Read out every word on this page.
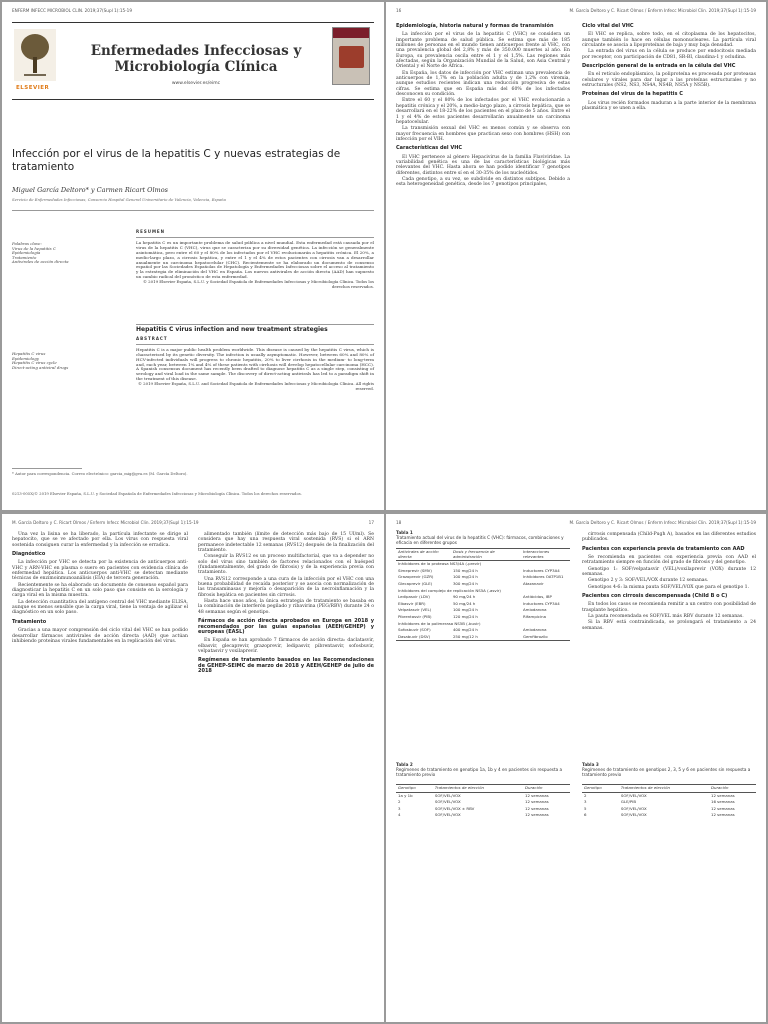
ENFERM INFECC MICROBIOL CLIN. 2019;37(Supl 1):15-19
ELSEVIER
Enfermedades Infecciosas y Microbiología Clínica
www.elsevier.es/eimc
Infección por el virus de la hepatitis C y nuevas estrategias de tratamiento
Miguel García Deltoro* y Carmen Ricart Olmos
Servicio de Enfermedades Infecciosas, Consorcio Hospital General Universitario de Valencia, Valencia, España
Palabras clave:
Virus de la hepatitis C
Epidemiología
Tratamiento
Antivirales de acción directa
RESUMEN
La hepatitis C es un importante problema de salud pública a nivel mundial. Esta enfermedad está causada por el virus de la hepatitis C (VHC), virus que se caracteriza por su diversidad genética. La infección se generalmente asintomática, pero entre el 60 y el 80% de los infectados por el VHC evolucionarán a hepatitis crónica. El 20%, a medio-largo plazo, a cirrosis hepática, y entre el 1 y el 4% de estos pacientes con cirrosis van a desarrollar anualmente un carcinoma hepatocelular (CHC). Recientemente se ha elaborado un documento de consenso español por las Sociedades Españolas de Hepatología y Enfermedades Infecciosas sobre el acceso al tratamiento y la estrategia de eliminación del VHC en España. Los nuevos antivirales de acción directa (AAD) han supuesto un cambio radical del pronóstico de esta enfermedad.
© 2019 Elsevier España, S.L.U. y Sociedad Española de Enfermedades Infecciosas y Microbiología Clínica. Todos los derechos reservados.
Hepatitis C virus infection and new treatment strategies
ABSTRACT
Hepatitis C is a major public health problem worldwide. This disease is caused by the hepatitis C virus, which is characterised by its genetic diversity. The infection is usually asymptomatic. However, between 60% and 80% of HCV-infected individuals will progress to chronic hepatitis, 20% to liver cirrhosis in the medium- to long-term and, each year, between 1% and 4% of these patients with cirrhosis will develop hepatocellular carcinoma (HCC). A Spanish consensus document has recently been drafted to diagnose hepatitis C as a single step, consisting of serology and viral load in the same sample. The discovery of direct-acting antivirals has led to a paradigm shift in the treatment of this disease.
© 2019 Elsevier España, S.L.U. and Sociedad Española de Enfermedades Infecciosas y Microbiología Clínica. All rights reserved.
Hepatitis C virus
Epidemiology
Hepatitis C virus cycle
Direct-acting antiviral drugs
* Autor para correspondencia. Correo electrónico: garcia_mig@gva.es (M. García Deltoro).
0213-005X/© 2019 Elsevier España, S.L.U. y Sociedad Española de Enfermedades Infecciosas y Microbiología Clínica. Todos los derechos reservados.
16	M. García Deltoro y C. Ricart Olmos / Enferm Infecc Microbiol Clin. 2019;37(Supl 1):15-19
Epidemiología, historia natural y formas de transmisión

La infección por el virus de la hepatitis C (VHC) se considera un importante problema de salud pública. Se estima que más de 185 millones de personas en el mundo tienen anticuerpos frente al VHC, con una prevalencia global del 2,8% y más de 350.000 muertes al año. En Europa, su prevalencia oscila entre el 1 y el 1,5%. Las regiones más afectadas, según la Organización Mundial de la Salud, son Asia Central y Oriental y el Norte de África.

En España, los datos de infección por VHC estiman una prevalencia de anticuerpos de 1,7% en la población adulta y de 1,2% con viremia, aunque estudios recientes indican una reducción progresiva de estas cifras. Se estima que en España más del 60% de los infectados desconocen su condición.

Entre el 60 y el 80% de los infectados por el VHC evolucionarán a hepatitis crónica y el 20%, a medio-largo plazo, a cirrosis hepática, que se desarrollará en el 18-22% de los pacientes en el plazo de 5 años. Entre el 1 y el 4% de estos pacientes desarrollarán anualmente un carcinoma hepatocelular.

La transmisión sexual del VHC es menos común y se observa con mayor frecuencia en hombres que practican sexo con hombres (HSH) con infección por el VIH.

Características del VHC

El VHC pertenece al género Hepacivirus de la familia Flaviviridae. La variabilidad genética es una de las características biológicas más relevantes del VHC. Hasta ahora se han podido identificar 7 genotipos diferentes, distintos entre sí en el 30-35% de los nucleótidos.

Cada genotipo, a su vez, se subdivide en distintos subtipos. Debido a esta heterogeneidad genética, desde los 7 genotipos principales,

Ciclo vital del VHC

El VHC se replica, sobre todo, en el citoplasma de los hepatocitos, aunque también lo hace en células mononucleares. La partícula viral circulante se asocia a lipoproteínas de baja y muy baja densidad.

La entrada del virus en la célula se produce por endocitosis mediada por receptor, con participación de CD81, SR-BI, claudina-1 y ocludina.

Descripción general de la entrada en la célula del VHC

En el retículo endoplásmico, la poliproteína es procesada por proteasas celulares y virales para dar lugar a las proteínas estructurales y no estructurales (NS2, NS3, NS4A, NS4B, NS5A y NS5B).

Proteínas del virus de la hepatitis C

Los virus recién formados maduran a la parte interior de la membrana plasmática y se unen a ella.

M. García Deltoro y C. Ricart Olmos / Enferm Infecc Microbiol Clin. 2019;37(Supl 1):15-19	17

Una vez la lisina se ha liberado, la partícula infectante se dirige al hepatocito, que se ve afectado por ella. Los virus con respuesta viral sostenida consiguen curar la enfermedad y la infección se erradica.

Diagnóstico

La infección por VHC se detecta por la existencia de anticuerpos anti-VHC y ARN-VHC en plasma o suero en pacientes con evidencia clínica de enfermedad hepática. Los anticuerpos anti-VHC se detectan mediante técnicas de enzimoinmunoanálisis (EIA) de tercera generación.

Recientemente se ha elaborado un documento de consenso español para diagnosticar la hepatitis C en un solo paso que consiste en la serología y carga viral en la misma muestra.

La detección cuantitativa del antígeno central del VHC mediante ELISA, aunque es menos sensible que la carga viral, tiene la ventaja de agilizar el diagnóstico en un solo paso.

Tratamiento

Gracias a una mayor comprensión del ciclo vital del VHC se han podido desarrollar fármacos antivirales de acción directa (AAD) que actúan inhibiendo proteínas virales fundamentales en la replicación del virus.

alimentado también (límite de detección más bajo de 15 UI/ml). Se considera que hay una respuesta viral sostenida (RVS) si el ARN permanece indetectable 12 semanas (RVS12) después de la finalización del tratamiento.

Conseguir la RVS12 es un proceso multifactorial, que va a depender no solo del virus sino también de factores relacionados con el huésped (fundamentalmente, del grado de fibrosis) y de la experiencia previa con tratamiento.

Una RVS12 corresponde a una cura de la infección por el VHC con una buena probabilidad de recaída posterior y se asocia con normalización de las transaminasas y mejoría o desaparición de la necroinflamación y la fibrosis hepática en pacientes sin cirrosis.

Hasta hace unos años, la única estrategia de tratamiento se basaba en la combinación de interferón pegilado y ribavirina (PEG/RBV) durante 24 o 48 semanas según el genotipo.

Fármacos de acción directa aprobados en Europa en 2018 y recomendados por las guías españolas (AEEH/GEHEP) y europeas (EASL)

En España se han aprobado 7 fármacos de acción directa: daclatasvir, elbasvir, glecaprevir, grazoprevir, ledipasvir, pibrentasvir, sofosbuvir, velpatasvir y voxilaprevir.

Regímenes de tratamiento basados en las Recomendaciones de GEHEP-SEIMC de marzo de 2018 y AEEH/GEHEP de julio de 2018
18	M. García Deltoro y C. Ricart Olmos / Enferm Infecc Microbiol Clin. 2019;37(Supl 1):15-19
Tabla 1
Tratamiento actual del virus de la hepatitis C (VHC): fármacos, combinaciones y eficacia en diferentes grupos
Antivirales de acción directa	Dosis y frecuencia de administración	Interacciones relevantes
Inhibidores de la proteasa NS3/4A (-previr)		
Simeprevir (SMV)	150 mg/24 h	Inductores CYP3A4
Grazoprevir (GZR)	100 mg/24 h	Inhibidores OATP1B1
Glecaprevir (GLE)	300 mg/24 h	Atazanavir
Inhibidores del complejo de replicación NS5A (-asvir)		
Ledipasvir (LDV)	90 mg/24 h	Antiácidos, IBP
Elbasvir (EBR)	50 mg/24 h	Inductores CYP3A4
Velpatasvir (VEL)	100 mg/24 h	Amiodarona
Pibrentasvir (PIB)	120 mg/24 h	Rifampicina
Inhibidores de la polimerasa NS5B (-buvir)		
Sofosbuvir (SOF)	400 mg/24 h	Amiodarona
Dasabuvir (DSV)	250 mg/12 h	Gemfibrozilo

cirrosis compensada (Child-Pugh A), basados en las diferentes estudios publicados.

Pacientes con experiencia previa de tratamiento con AAD

Se recomienda en pacientes con experiencia previa con AAD el retratamiento siempre en función del grado de fibrosis y del genotipo.

Genotipo 1: SOF/velpatasvir (VEL)/voxilaprevir (VOX) durante 12 semanas.

Genotipo 2 y 3: SOF/VEL/VOX durante 12 semanas.

Genotipos 4-6: la misma pauta SOF/VEL/VOX que para el genotipo 1.

Pacientes con cirrosis descompensada (Child B o C)

En todos los casos se recomienda remitir a un centro con posibilidad de trasplante hepático.

La pauta recomendada es SOF/VEL más RBV durante 12 semanas.

Si la RBV está contraindicada, se prolongará el tratamiento a 24 semanas.

Tabla 2
Regímenes de tratamiento en genotipo 1a, 1b y 4 en pacientes sin respuesta a tratamiento previo
Genotipo	Tratamientos de elección	Duración
1a y 1b	SOF/VEL/VOX	12 semanas
2	SOF/VEL/VOX	12 semanas
3	SOF/VEL/VOX ± RBV	12 semanas
4	SOF/VEL/VOX	12 semanas
Tabla 3
Regímenes de tratamiento en genotipos 2, 3, 5 y 6 en pacientes sin respuesta a tratamiento previo
Genotipo	Tratamientos de elección	Duración
2	SOF/VEL/VOX	12 semanas
3	GLE/PIB	16 semanas
5	SOF/VEL/VOX	12 semanas
6	SOF/VEL/VOX	12 semanas
